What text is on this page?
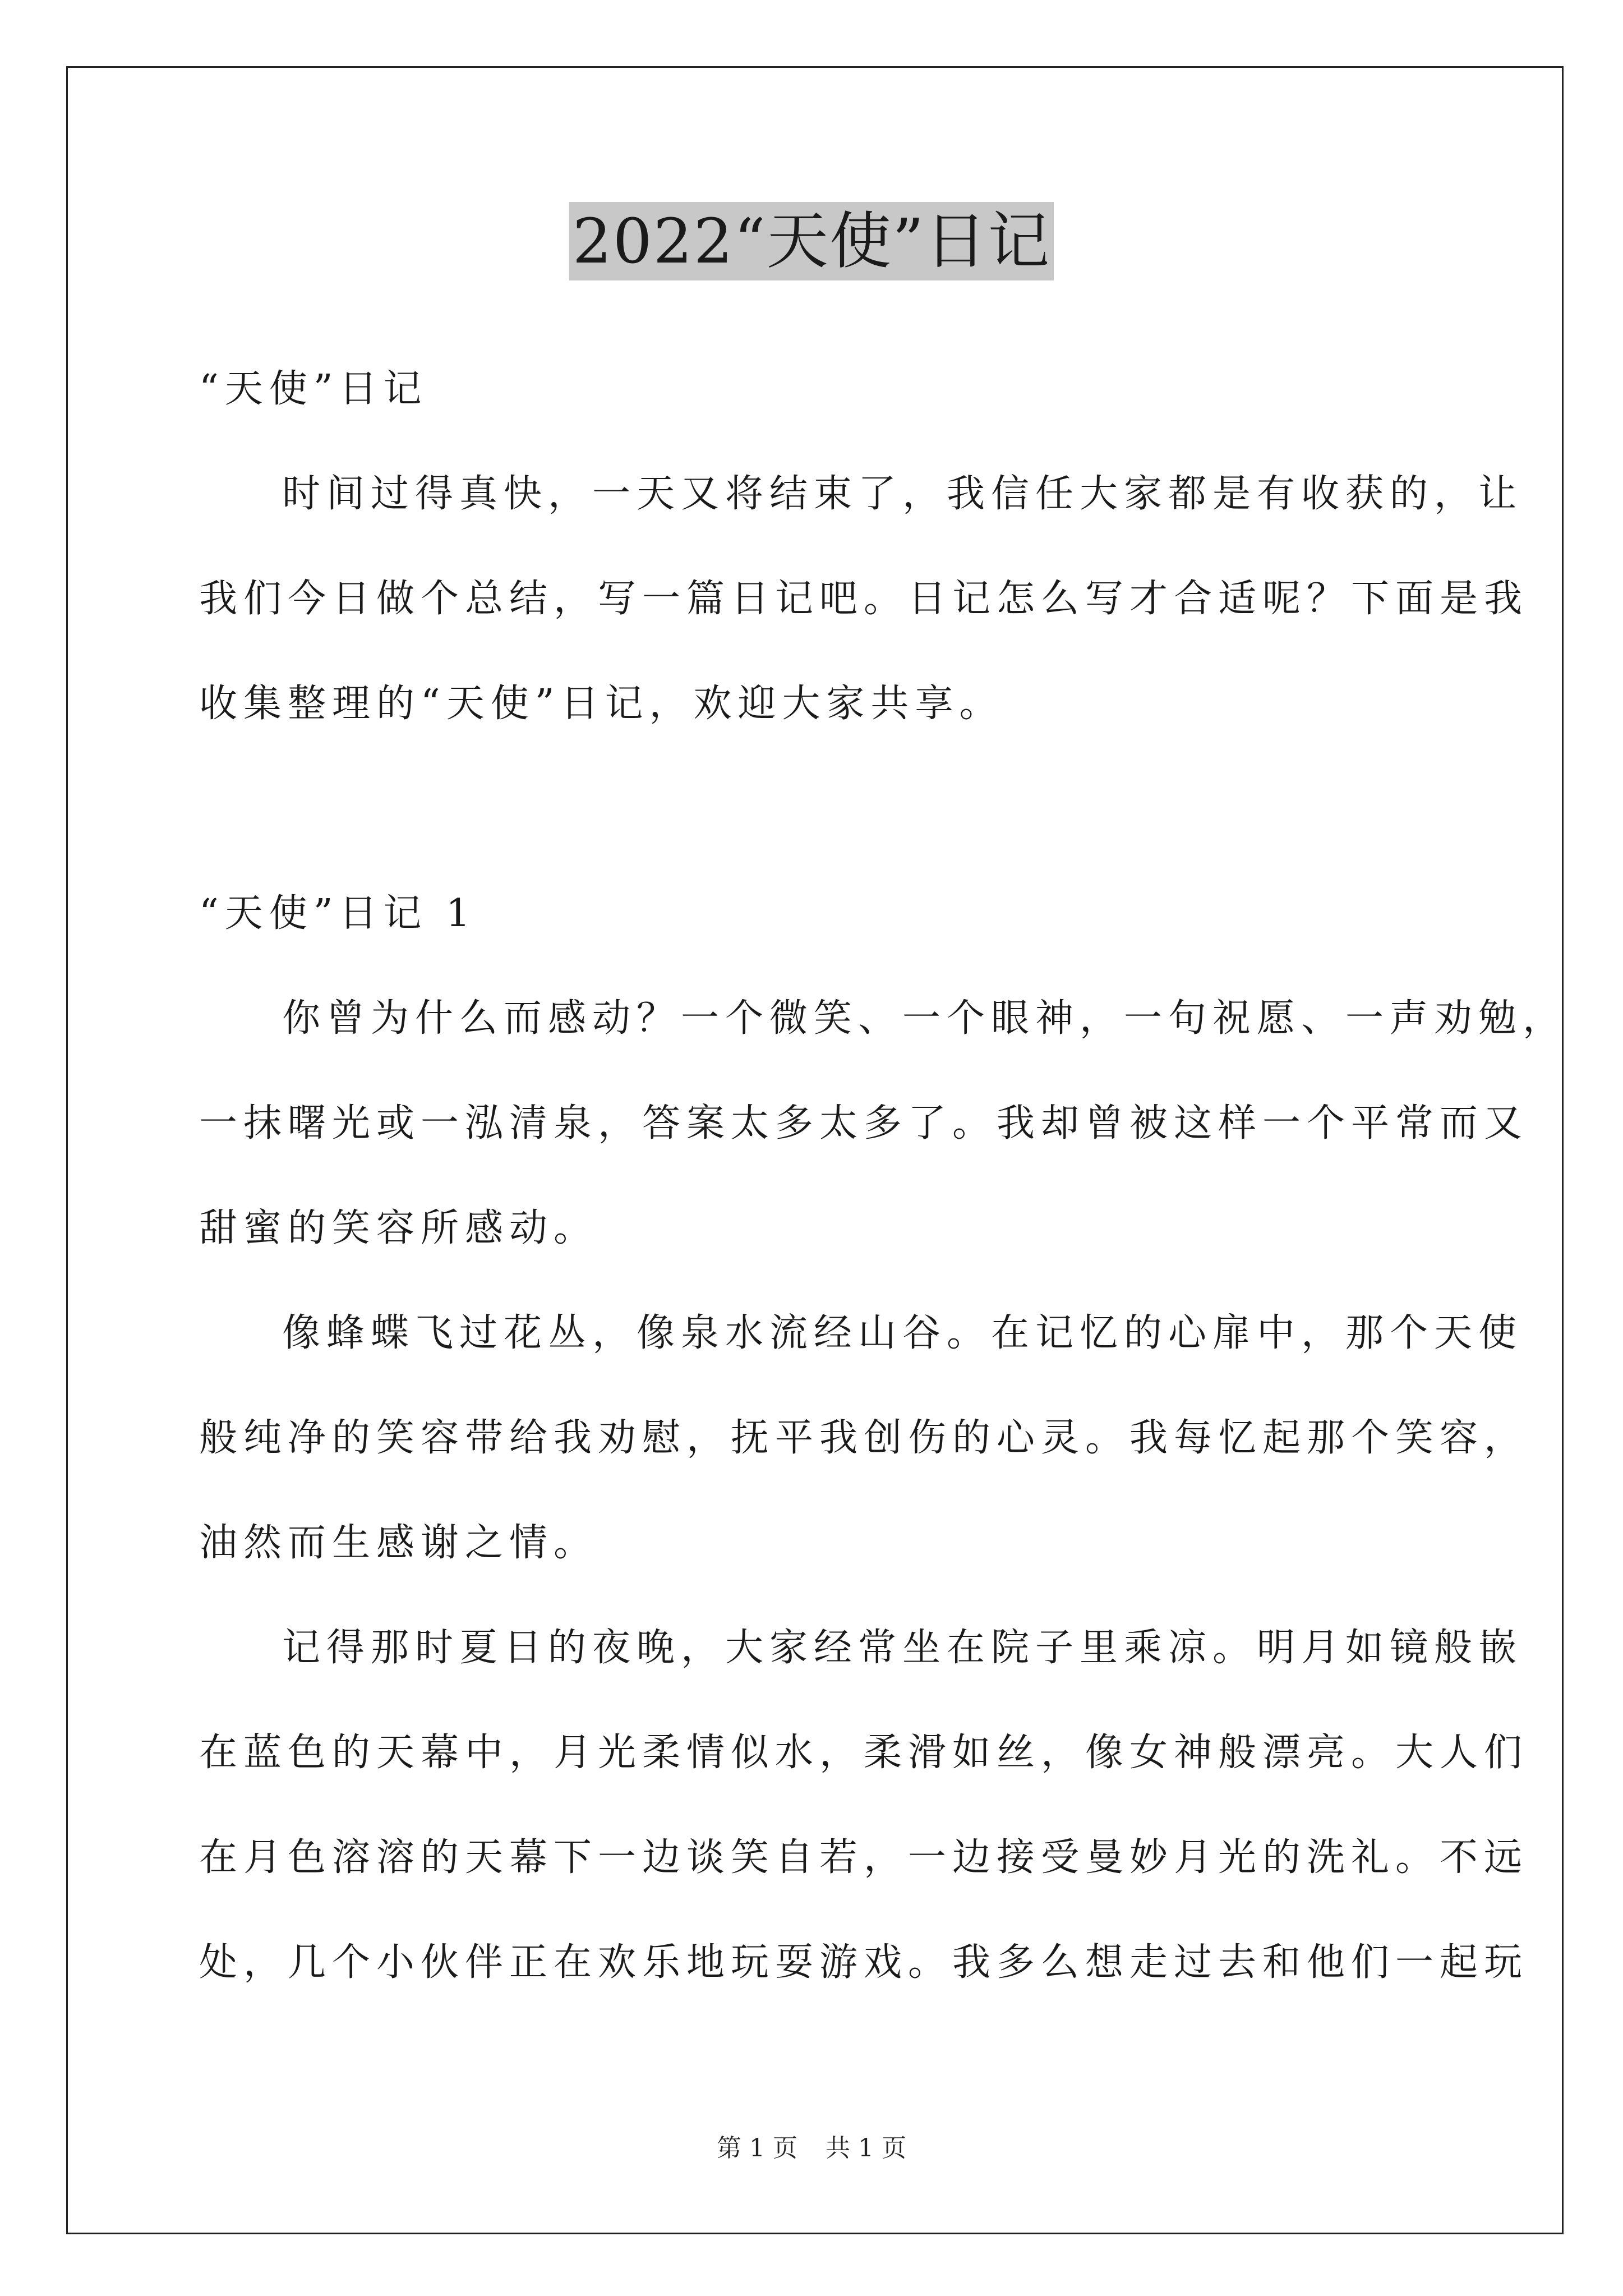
2022“天使”日记
“天使”日记
时间过得真快，一天又将结束了，我信任大家都是有收获的，让
我们今日做个总结，写一篇日记吧。日记怎么写才合适呢？下面是我
收集整理的“天使”日记，欢迎大家共享。
“天使”日记 1
你曾为什么而感动？一个微笑、一个眼神，一句祝愿、一声劝勉，
一抹曙光或一泓清泉，答案太多太多了。我却曾被这样一个平常而又
甜蜜的笑容所感动。
像蜂蝶飞过花丛，像泉水流经山谷。在记忆的心扉中，那个天使
般纯净的笑容带给我劝慰，抚平我创伤的心灵。我每忆起那个笑容，
油然而生感谢之情。
记得那时夏日的夜晚，大家经常坐在院子里乘凉。明月如镜般嵌
在蓝色的天幕中，月光柔情似水，柔滑如丝，像女神般漂亮。大人们
在月色溶溶的天幕下一边谈笑自若，一边接受曼妙月光的洗礼。不远
处，几个小伙伴正在欢乐地玩耍游戏。我多么想走过去和他们一起玩
第 1 页 共 1 页
